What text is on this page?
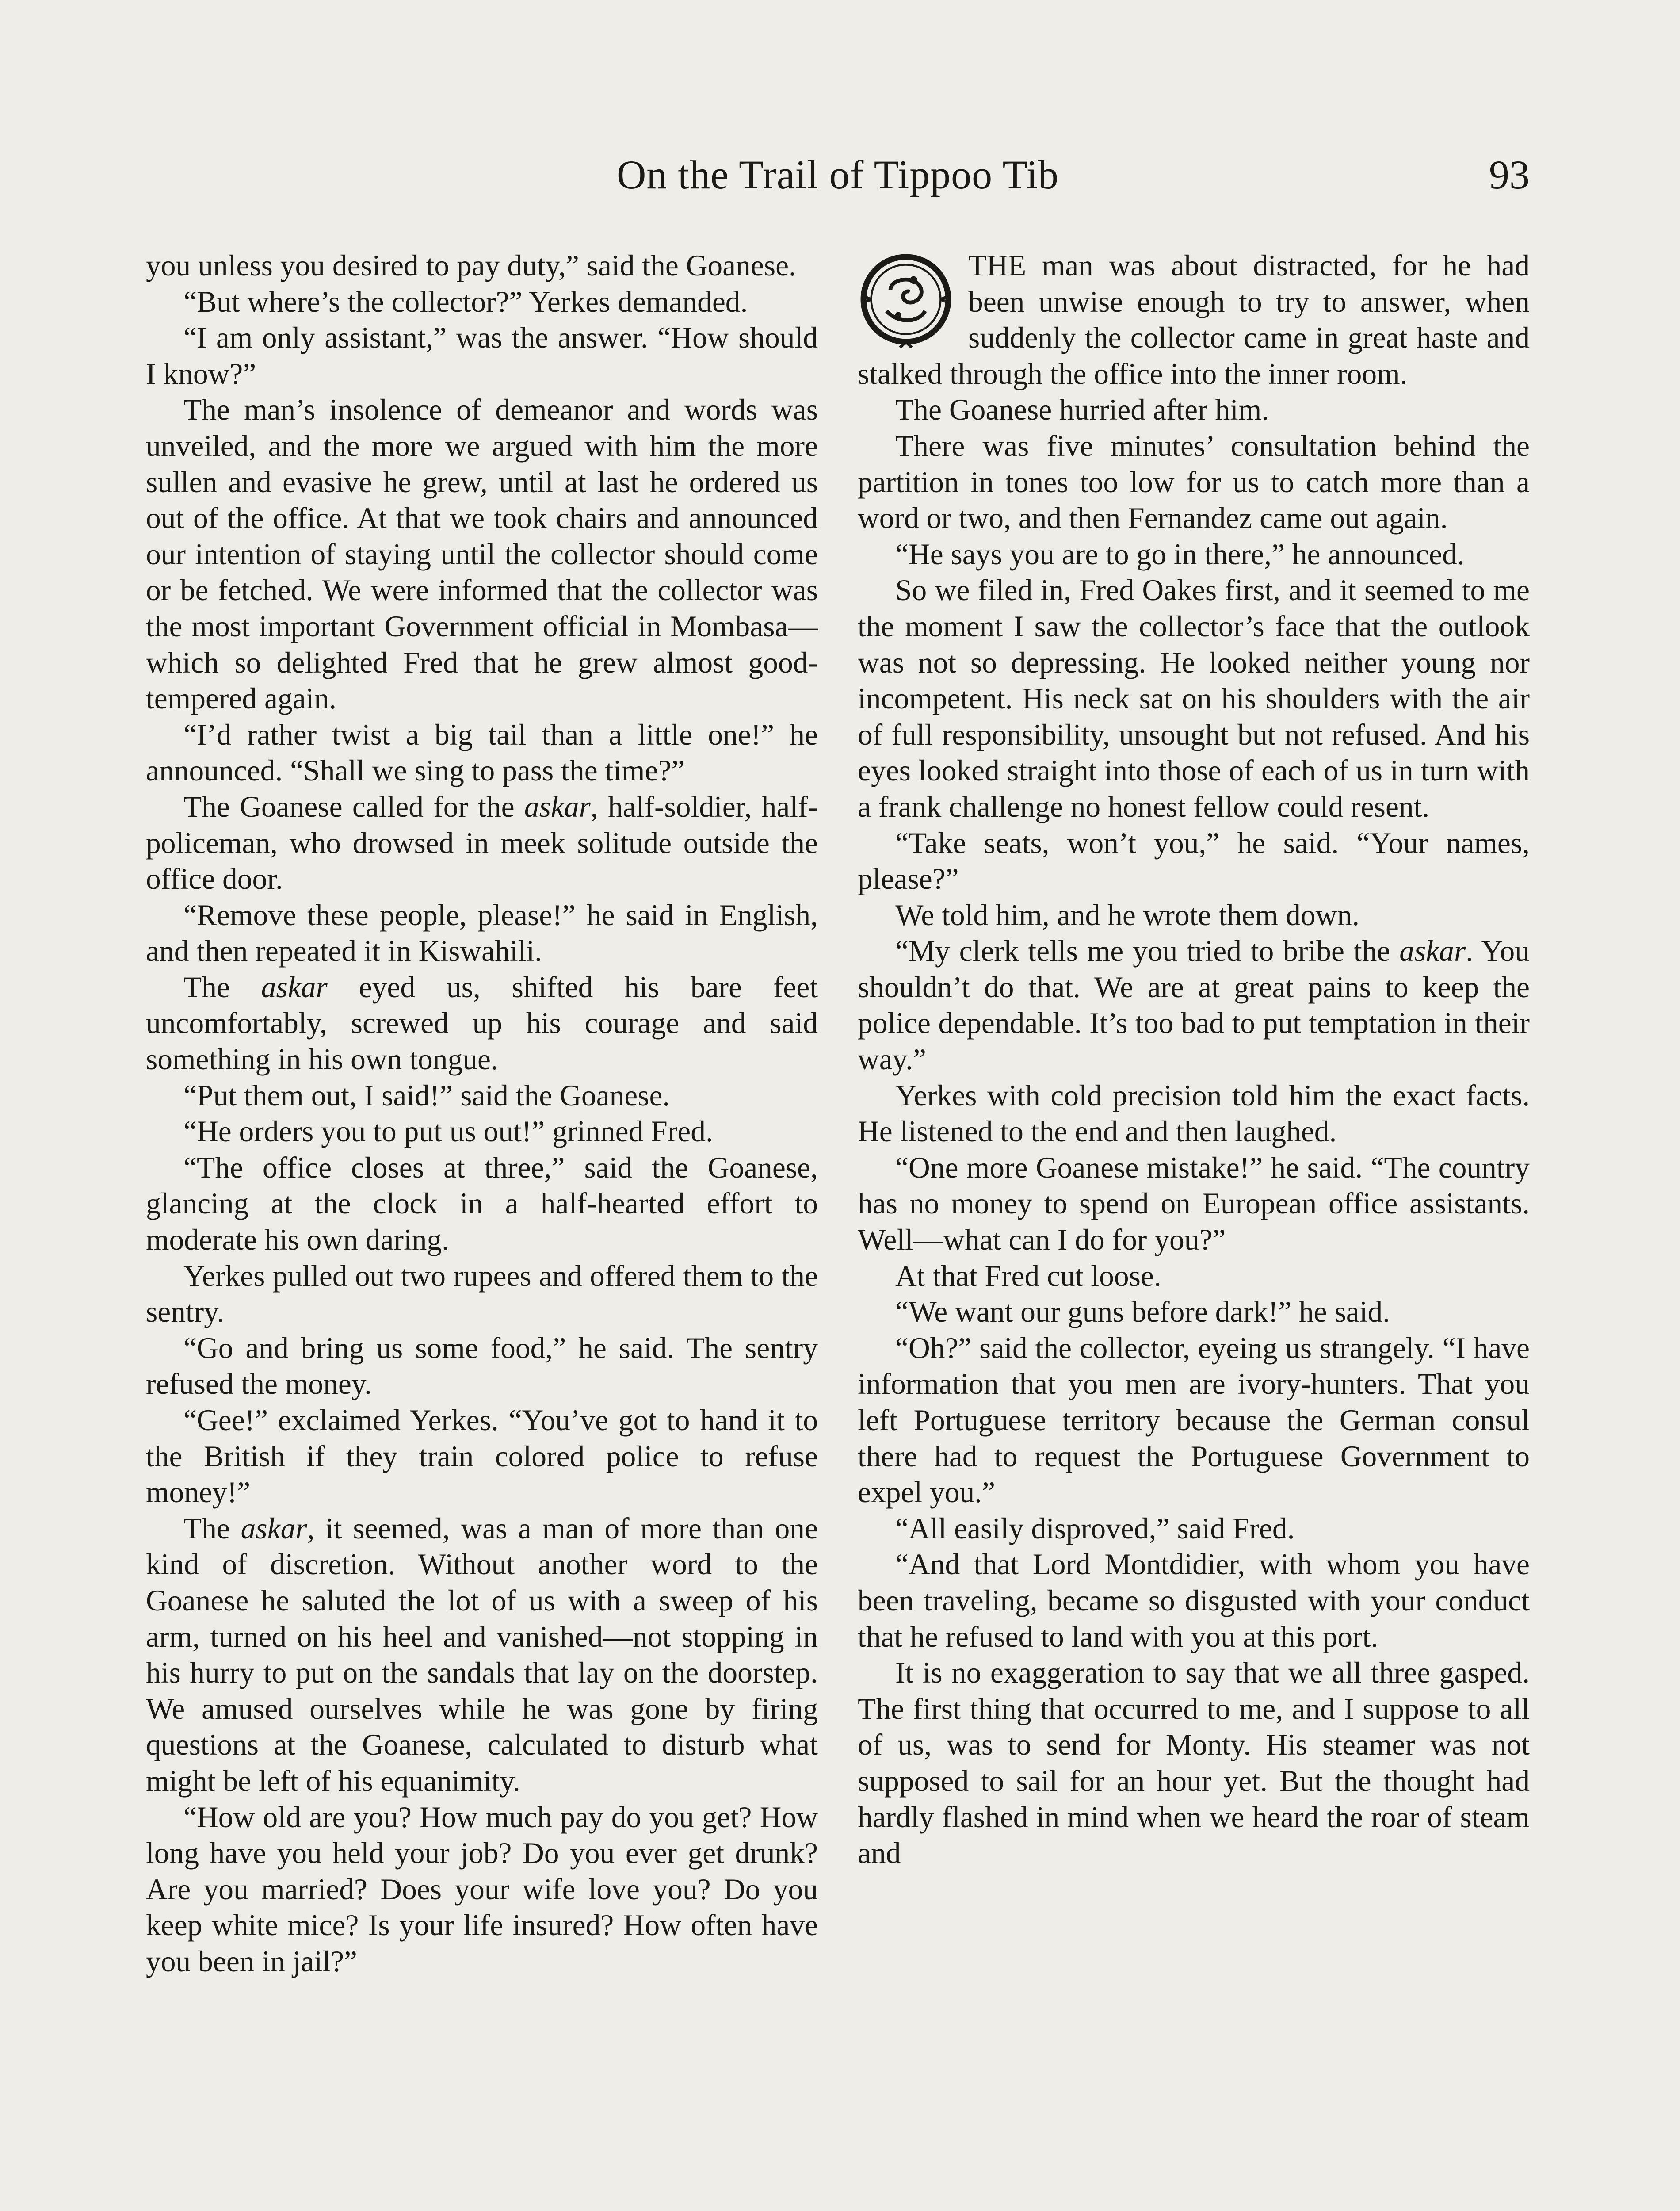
On the Trail of Tippoo Tib	93

you unless you desired to pay duty,” said the Goanese.

“But where’s the collector?” Yerkes demanded.

“I am only assistant,” was the answer. “How should I know?”

The man’s insolence of demeanor and words was unveiled, and the more we argued with him the more sullen and evasive he grew, until at last he ordered us out of the office. At that we took chairs and announced our intention of staying until the collector should come or be fetched. We were informed that the collector was the most important Government official in Mombasa—which so delighted Fred that he grew almost good-tempered again.

“I’d rather twist a big tail than a little one!” he announced. “Shall we sing to pass the time?”

The Goanese called for the askar, half-soldier, half-policeman, who drowsed in meek solitude outside the office door.

“Remove these people, please!” he said in English, and then repeated it in Kiswahili.

The askar eyed us, shifted his bare feet uncomfortably, screwed up his courage and said something in his own tongue.

“Put them out, I said!” said the Goanese.

“He orders you to put us out!” grinned Fred.

“The office closes at three,” said the Goanese, glancing at the clock in a half-hearted effort to moderate his own daring.

Yerkes pulled out two rupees and offered them to the sentry.

“Go and bring us some food,” he said. The sentry refused the money.

“Gee!” exclaimed Yerkes. “You’ve got to hand it to the British if they train colored police to refuse money!”

The askar, it seemed, was a man of more than one kind of discretion. Without another word to the Goanese he saluted the lot of us with a sweep of his arm, turned on his heel and vanished—not stopping in his hurry to put on the sandals that lay on the doorstep. We amused ourselves while he was gone by firing questions at the Goanese, calculated to disturb what might be left of his equanimity.

“How old are you? How much pay do you get? How long have you held your job? Do you ever get drunk? Are you married? Does your wife love you? Do you keep white mice? Is your life insured? How often have you been in jail?”

THE man was about distracted, for he had been unwise enough to try to answer, when suddenly the collector came in great haste and stalked through the office into the inner room.

The Goanese hurried after him.

There was five minutes’ consultation behind the partition in tones too low for us to catch more than a word or two, and then Fernandez came out again.

“He says you are to go in there,” he announced.

So we filed in, Fred Oakes first, and it seemed to me the moment I saw the collector’s face that the outlook was not so depressing. He looked neither young nor incompetent. His neck sat on his shoulders with the air of full responsibility, unsought but not refused. And his eyes looked straight into those of each of us in turn with a frank challenge no honest fellow could resent.

“Take seats, won’t you,” he said. “Your names, please?”

We told him, and he wrote them down.

“My clerk tells me you tried to bribe the askar. You shouldn’t do that. We are at great pains to keep the police dependable. It’s too bad to put temptation in their way.”

Yerkes with cold precision told him the exact facts. He listened to the end and then laughed.

“One more Goanese mistake!” he said. “The country has no money to spend on European office assistants. Well—what can I do for you?”

At that Fred cut loose.

“We want our guns before dark!” he said.

“Oh?” said the collector, eyeing us strangely. “I have information that you men are ivory-hunters. That you left Portuguese territory because the German consul there had to request the Portuguese Government to expel you.”

“All easily disproved,” said Fred.

“And that Lord Montdidier, with whom you have been traveling, became so disgusted with your conduct that he refused to land with you at this port.

It is no exaggeration to say that we all three gasped. The first thing that occurred to me, and I suppose to all of us, was to send for Monty. His steamer was not supposed to sail for an hour yet. But the thought had hardly flashed in mind when we heard the roar of steam and
